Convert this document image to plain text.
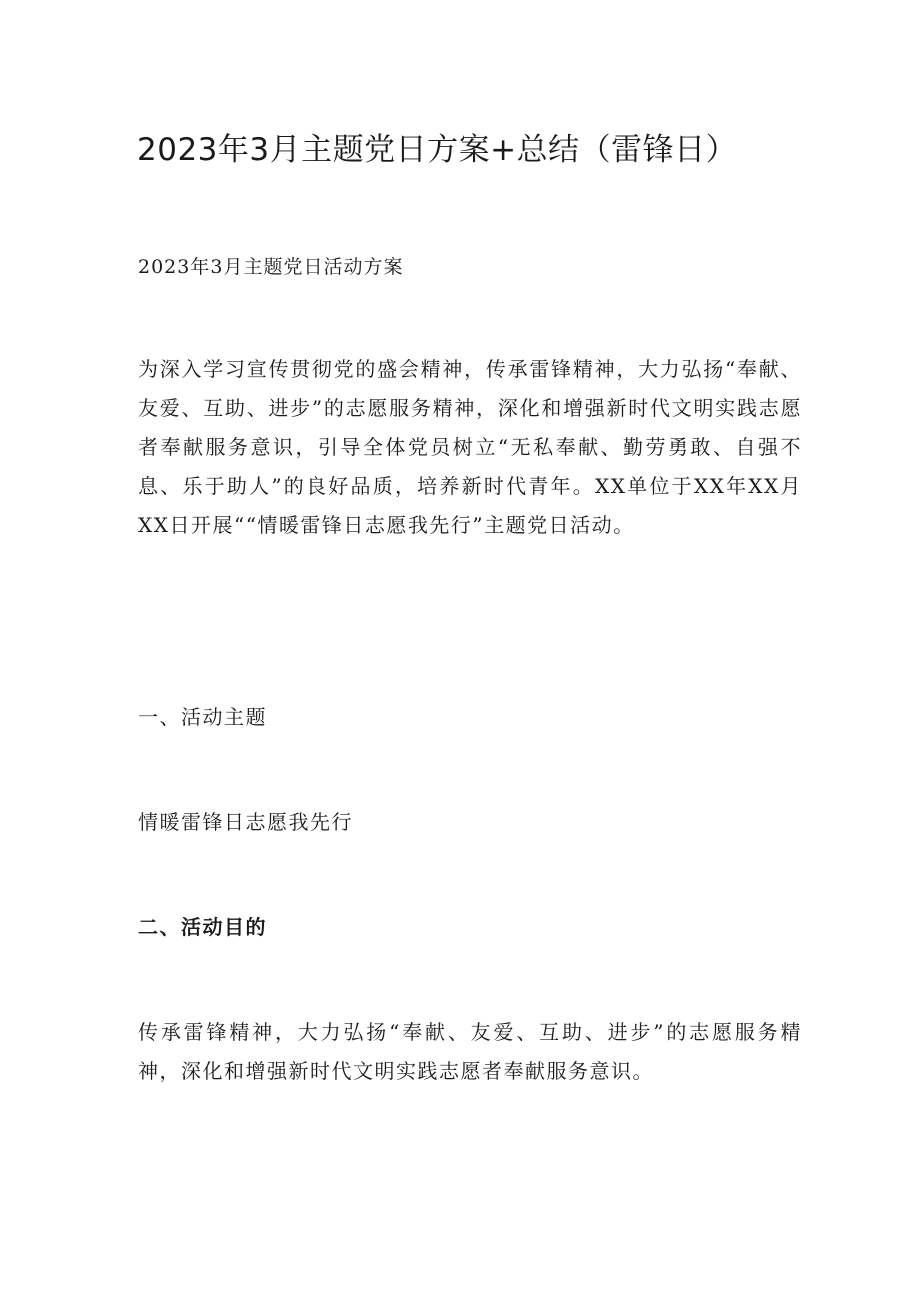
2023年3月主题党日方案+总结（雷锋日）

2023年3月主题党日活动方案

为深入学习宣传贯彻党的盛会精神，传承雷锋精神，大力弘扬“奉献、友爱、互助、进步”的志愿服务精神，深化和增强新时代文明实践志愿者奉献服务意识，引导全体党员树立“无私奉献、勤劳勇敢、自强不息、乐于助人”的良好品质，培养新时代青年。XX单位于XX年XX月XX日开展““情暖雷锋日志愿我先行”主题党日活动。

一、活动主题

情暖雷锋日志愿我先行

二、活动目的

传承雷锋精神，大力弘扬“奉献、友爱、互助、进步”的志愿服务精神，深化和增强新时代文明实践志愿者奉献服务意识。
